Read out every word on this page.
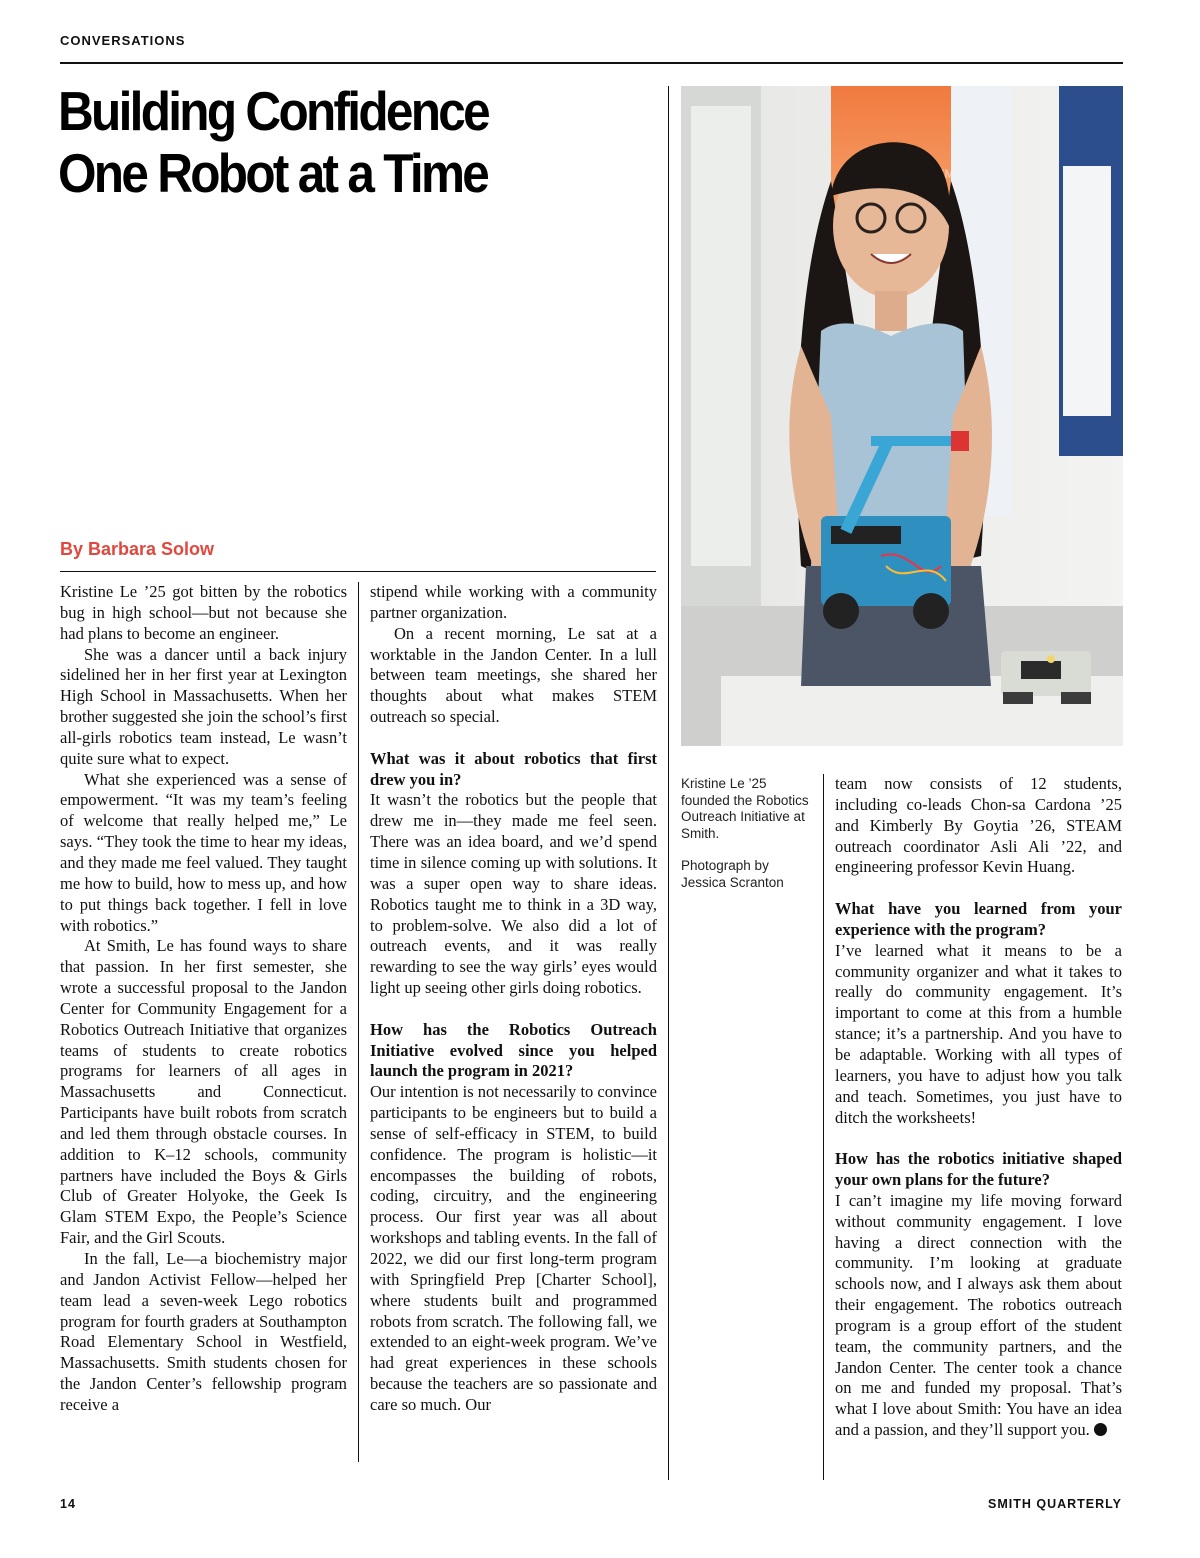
CONVERSATIONS
Building Confidence
One Robot at a Time
By Barbara Solow

Kristine Le ’25 got bitten by the robotics bug in high school—but not because she had plans to become an engineer.

She was a dancer until a back injury sidelined her in her first year at Lexington High School in Massachusetts. When her brother suggested she join the school’s first all-girls robotics team instead, Le wasn’t quite sure what to expect.

What she experienced was a sense of empowerment. “It was my team’s feeling of welcome that really helped me,” Le says. “They took the time to hear my ideas, and they made me feel valued. They taught me how to build, how to mess up, and how to put things back together. I fell in love with robotics.”

At Smith, Le has found ways to share that passion. In her first semester, she wrote a successful proposal to the Jandon Center for Community Engagement for a Robotics Outreach Initiative that organizes teams of students to create robotics programs for learners of all ages in Massachusetts and Connecticut. Participants have built robots from scratch and led them through obstacle courses. In addition to K–12 schools, community partners have included the Boys & Girls Club of Greater Holyoke, the Geek Is Glam STEM Expo, the People’s Science Fair, and the Girl Scouts.

In the fall, Le—a biochemistry major and Jandon Activist Fellow—helped her team lead a seven-week Lego robotics program for fourth graders at Southampton Road Elementary School in Westfield, Massachusetts. Smith students chosen for the Jandon Center’s fellowship program receive a

stipend while working with a community partner organization.

On a recent morning, Le sat at a worktable in the Jandon Center. In a lull between team meetings, she shared her thoughts about what makes STEM outreach so special.

What was it about robotics that first drew you in?

It wasn’t the robotics but the people that drew me in—they made me feel seen. There was an idea board, and we’d spend time in silence coming up with solutions. It was a super open way to share ideas. Robotics taught me to think in a 3D way, to problem-solve. We also did a lot of outreach events, and it was really rewarding to see the way girls’ eyes would light up seeing other girls doing robotics.

How has the Robotics Outreach Initiative evolved since you helped launch the program in 2021?

Our intention is not necessarily to convince participants to be engineers but to build a sense of self-efficacy in STEM, to build confidence. The program is holistic—it encompasses the building of robots, coding, circuitry, and the engineering process. Our first year was all about workshops and tabling events. In the fall of 2022, we did our first long-term program with Springfield Prep [Charter School], where students built and programmed robots from scratch. The following fall, we extended to an eight-week program. We’ve had great experiences in these schools because the teachers are so passionate and care so much. Our

Kristine Le ’25 founded the Robotics Outreach Initiative at Smith.

Photograph by Jessica Scranton

team now consists of 12 students, including co-leads Chon-sa Cardona ’25 and Kimberly By Goytia ’26, STEAM outreach coordinator Asli Ali ’22, and engineering professor Kevin Huang.

What have you learned from your experience with the program?

I’ve learned what it means to be a community organizer and what it takes to really do community engagement. It’s important to come at this from a humble stance; it’s a partnership. And you have to be adaptable. Working with all types of learners, you have to adjust how you talk and teach. Sometimes, you just have to ditch the worksheets!

How has the robotics initiative shaped your own plans for the future?

I can’t imagine my life moving forward without community engagement. I love having a direct connection with the community. I’m looking at graduate schools now, and I always ask them about their engagement. The robotics outreach program is a group effort of the student team, the community partners, and the Jandon Center. The center took a chance on me and funded my proposal. That’s what I love about Smith: You have an idea and a passion, and they’ll support you.

14	SMITH QUARTERLY
